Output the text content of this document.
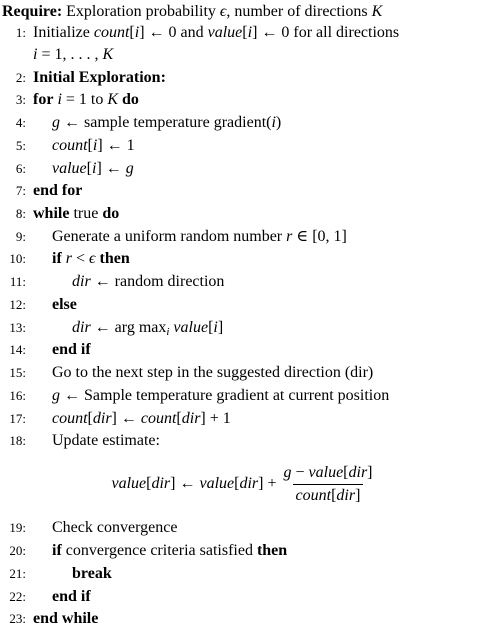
Require: Exploration probability ϵ, number of directions K
1: Initialize count[i] ← 0 and value[i] ← 0 for all directions
i = 1, . . . , K
2: Initial Exploration:
3: for i = 1 to K do
4: g ← sample temperature gradient(i)
5: count[i] ← 1
6: value[i] ← g
7: end for
8: while true do
9: Generate a uniform random number r ∈ [0, 1]
10: if r < ϵ then
11:	dir ← random direction
12: else
13:	dir ← arg $\max_i$ value[i]
14: end if
15: Go to the next step in the suggested direction (dir)
16: g ← Sample temperature gradient at current position
17: count[dir] ← count[dir] + 1
18: Update estimate:
value[dir] ← value[dir] + $\frac{\text{g − value[dir]}}{\text{count[dir]}}$
19: Check convergence
20: if convergence criteria satisfied then
21:	break
22: end if
23: end while
